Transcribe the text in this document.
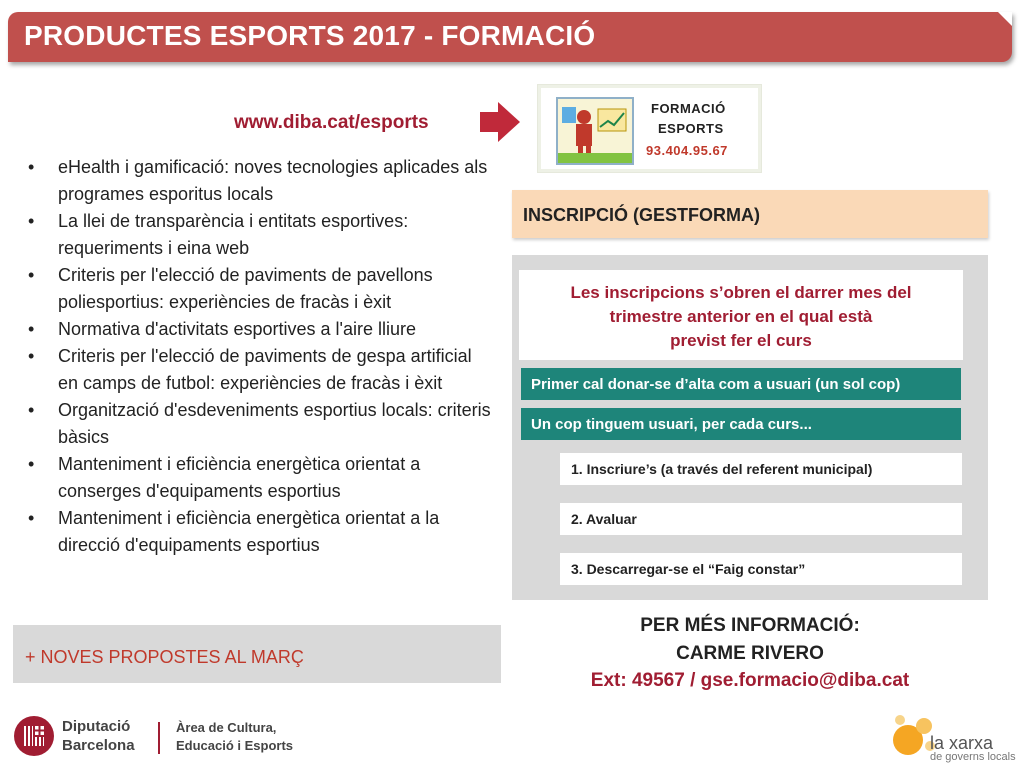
PRODUCTES ESPORTS 2017 - FORMACIÓ
www.diba.cat/esports
FORMACIÓ
ESPORTS
93.404.95.67
• eHealth i gamificació: noves tecnologies aplicades als programes esporitus locals
• La llei de transparència i entitats esportives: requeriments i eina web
• Criteris per l'elecció de paviments de pavellons poliesportius: experiències de fracàs i èxit
• Normativa d'activitats esportives a l'aire lliure
• Criteris per l'elecció de paviments de gespa artificial en camps de futbol: experiències de fracàs i èxit
• Organització d'esdeveniments esportius locals: criteris bàsics
• Manteniment i eficiència energètica orientat a conserges d'equipaments esportius
• Manteniment i eficiència energètica orientat a la direcció d'equipaments esportius
+ NOVES PROPOSTES AL MARÇ
INSCRIPCIÓ (GESTFORMA)
Les inscripcions s’obren el darrer mes del
trimestre anterior en el qual està
previst fer el curs
Primer cal donar-se d’alta com a usuari (un sol cop)
Un cop tinguem usuari, per cada curs...
1. Inscriure’s (a través del referent municipal)
2. Avaluar
3. Descarregar-se el “Faig constar”
PER MÉS INFORMACIÓ:
CARME RIVERO
Ext: 49567 / gse.formacio@diba.cat
Diputació
Barcelona
Àrea de Cultura,
Educació i Esports	la xarxa
de governs locals
